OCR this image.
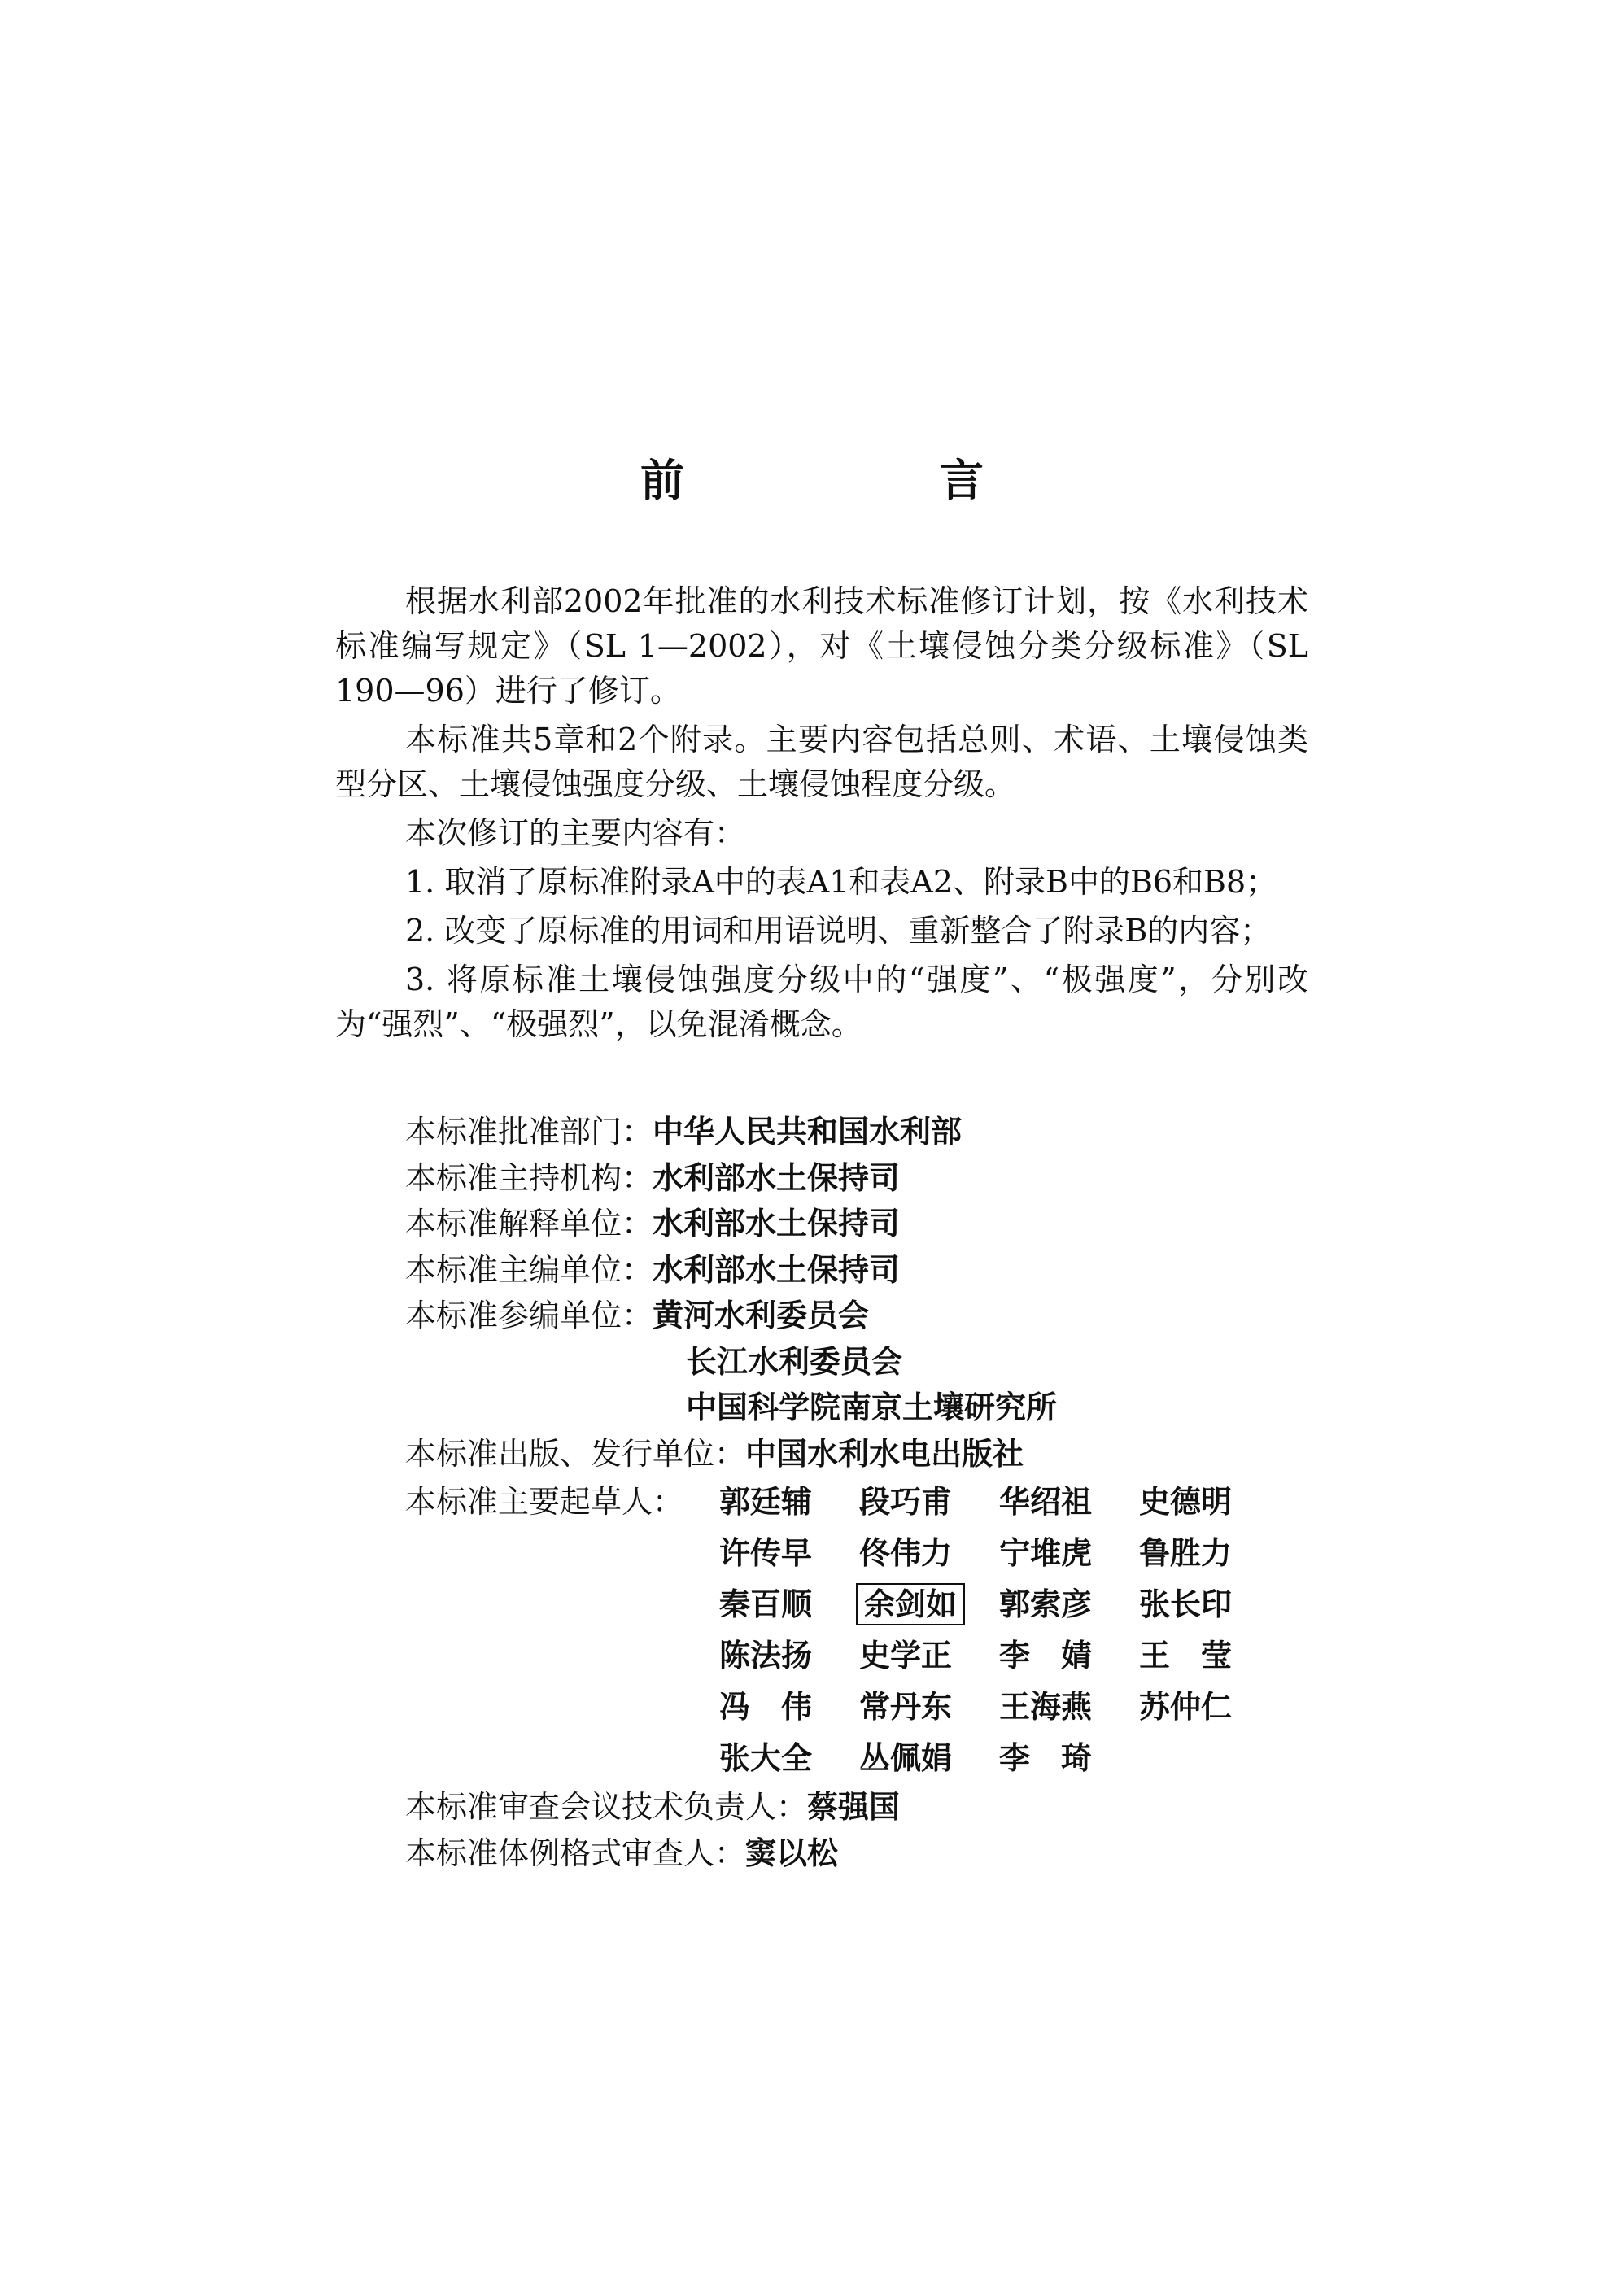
前　言

根据水利部2002年批准的水利技术标准修订计划，按《水利技术标准编写规定》（SL 1—2002），对《土壤侵蚀分类分级标准》（SL 190—96）进行了修订。

本标准共5章和2个附录。主要内容包括总则、术语、土壤侵蚀类型分区、土壤侵蚀强度分级、土壤侵蚀程度分级。

本次修订的主要内容有：

1. 取消了原标准附录A中的表A1和表A2、附录B中的B6和B8；

2. 改变了原标准的用词和用语说明、重新整合了附录B的内容；

3. 将原标准土壤侵蚀强度分级中的“强度”、“极强度”，分别改为“强烈”、“极强烈”，以免混淆概念。

本标准批准部门：中华人民共和国水利部
本标准主持机构：水利部水土保持司
本标准解释单位：水利部水土保持司
本标准主编单位：水利部水土保持司
本标准参编单位：黄河水利委员会
长江水利委员会
中国科学院南京土壤研究所
本标准出版、发行单位：中国水利水电出版社
本标准主要起草人：	郭廷辅 段巧甫 华绍祖 史德明
许传早 佟伟力 宁堆虎 鲁胜力
秦百顺 余剑如 郭索彦 张长印
陈法扬 史学正 李　婧 王　莹
冯　伟 常丹东 王海燕 苏仲仁
张大全 丛佩娟 李　琦
本标准审查会议技术负责人：蔡强国
本标准体例格式审查人：窦以松
